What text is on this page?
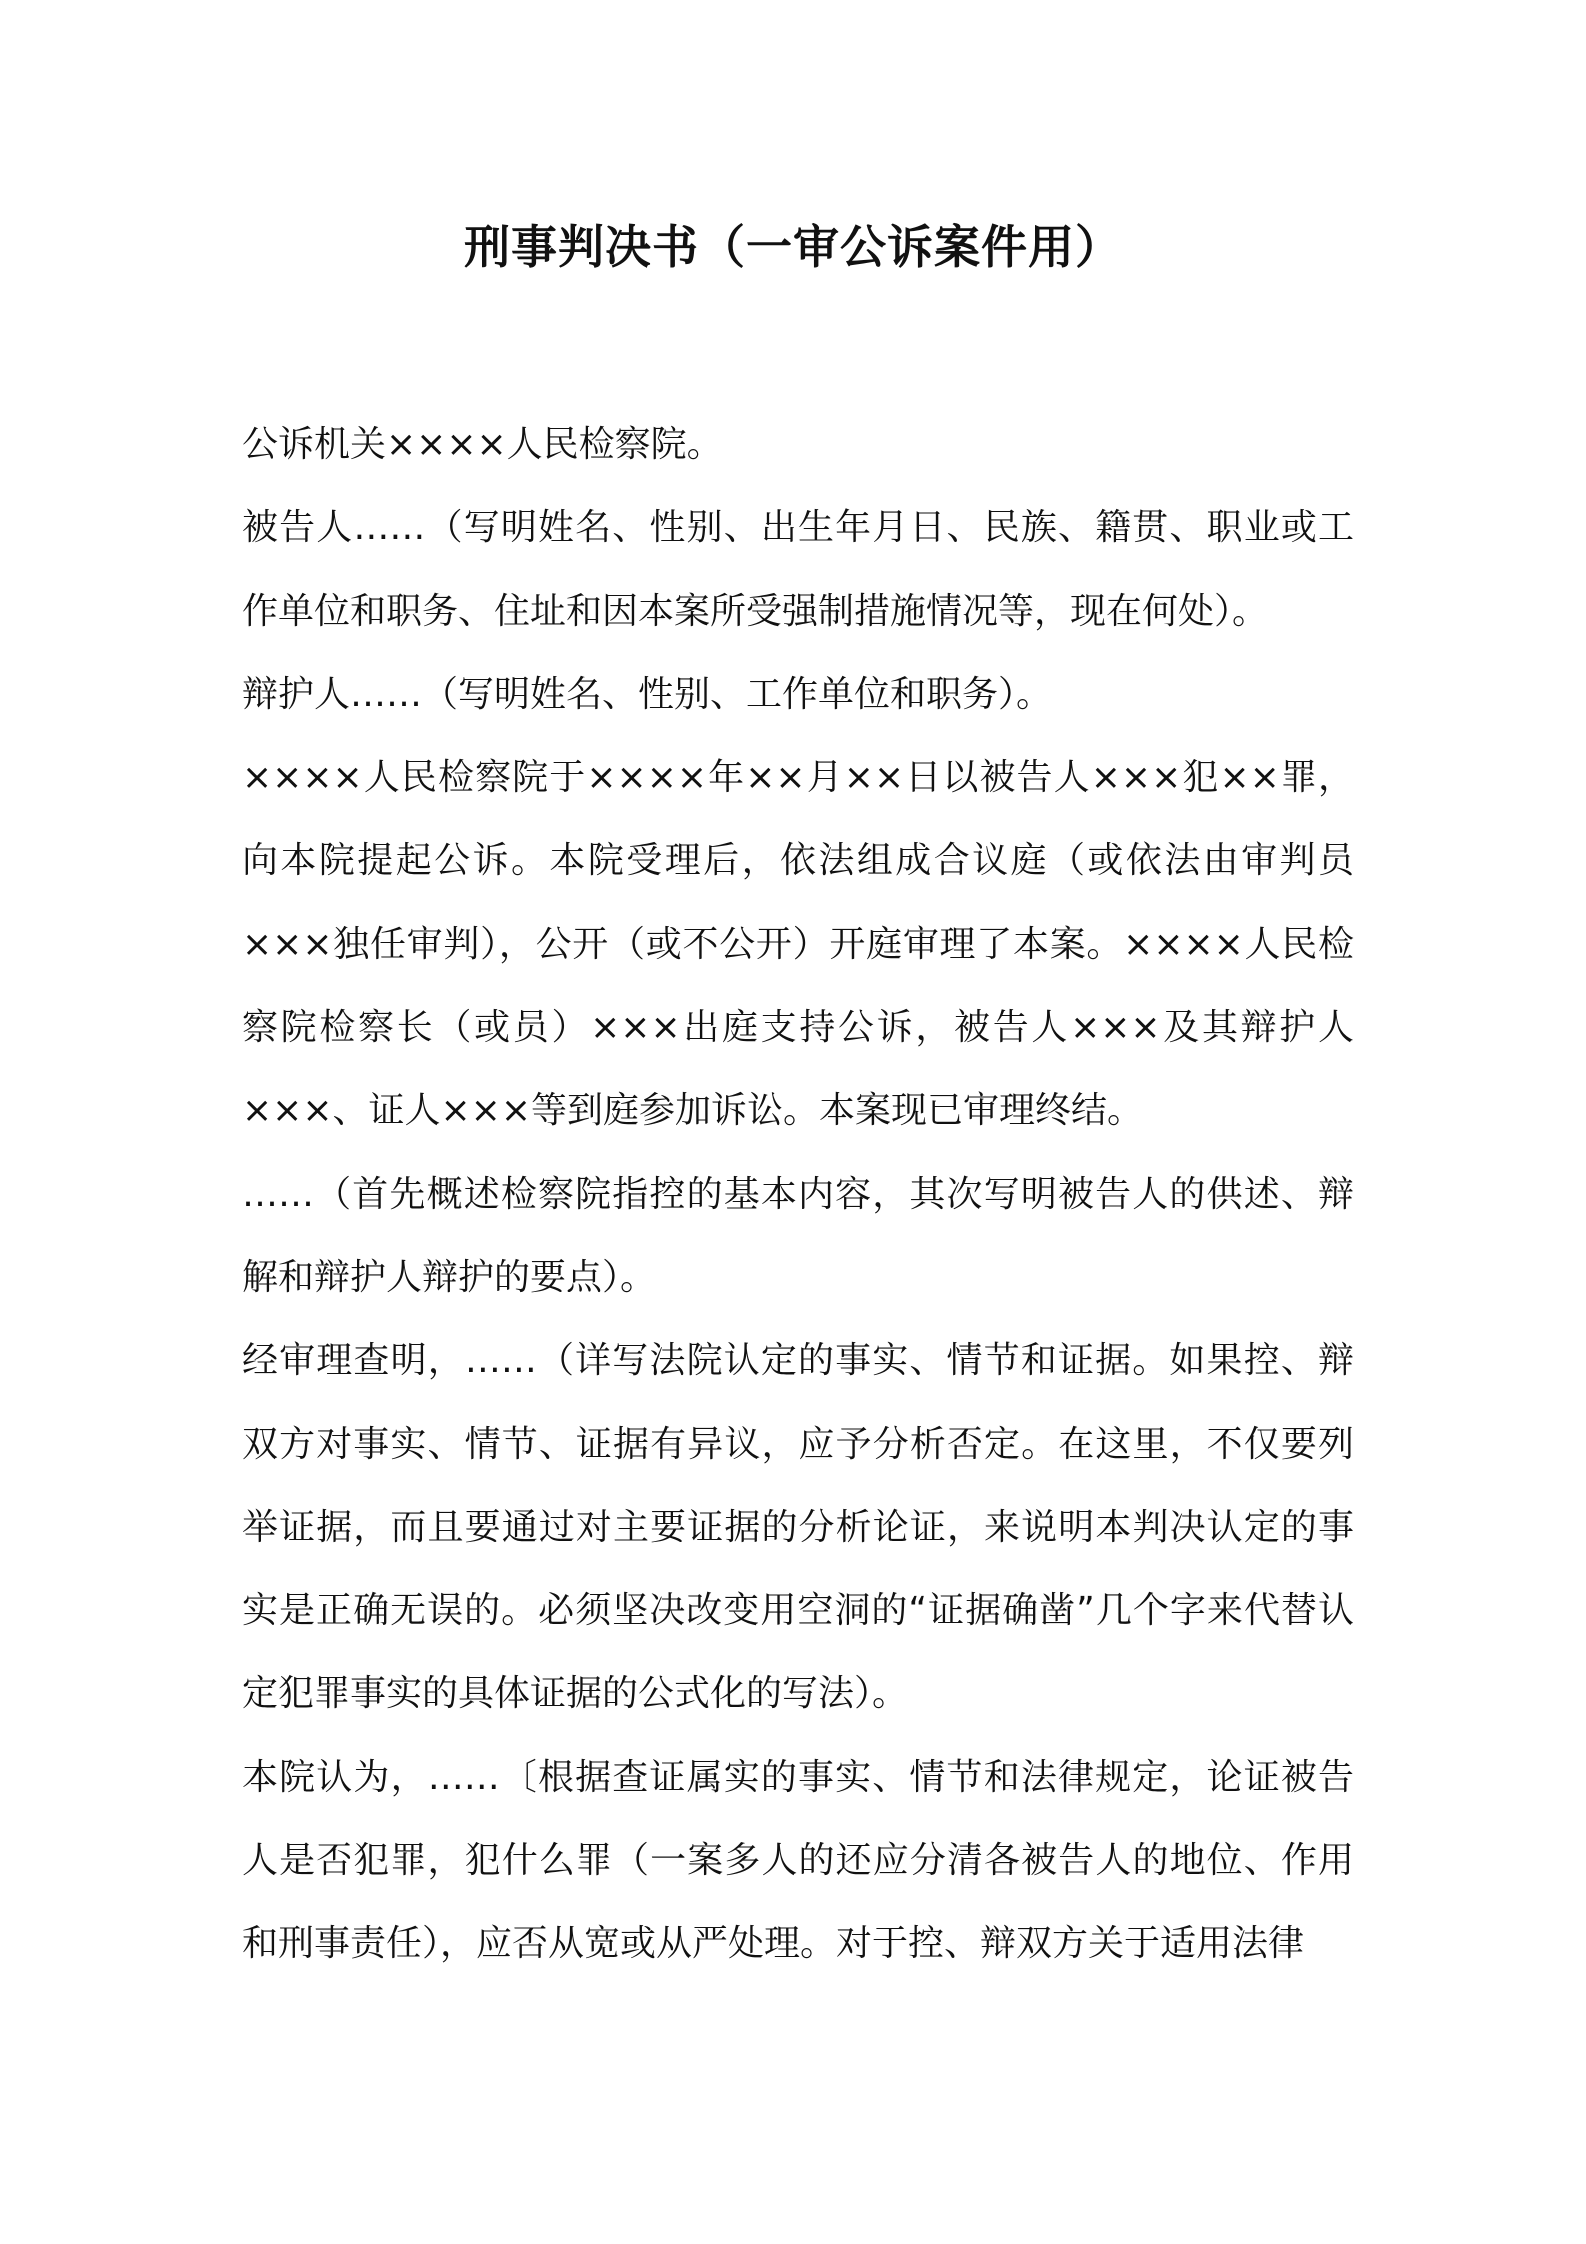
刑事判决书（一审公诉案件用）

公诉机关××××人民检察院。

被告人……（写明姓名、性别、出生年月日、民族、籍贯、职业或工作单位和职务、住址和因本案所受强制措施情况等，现在何处）。

辩护人……（写明姓名、性别、工作单位和职务）。

××××人民检察院于××××年××月××日以被告人×××犯××罪，向本院提起公诉。本院受理后，依法组成合议庭（或依法由审判员×××独任审判），公开（或不公开）开庭审理了本案。××××人民检察院检察长（或员）×××出庭支持公诉，被告人×××及其辩护人×××、证人×××等到庭参加诉讼。本案现已审理终结。

……（首先概述检察院指控的基本内容，其次写明被告人的供述、辩解和辩护人辩护的要点）。

经审理查明，……（详写法院认定的事实、情节和证据。如果控、辩双方对事实、情节、证据有异议，应予分析否定。在这里，不仅要列举证据，而且要通过对主要证据的分析论证，来说明本判决认定的事实是正确无误的。必须坚决改变用空洞的“证据确凿”几个字来代替认定犯罪事实的具体证据的公式化的写法）。

本院认为，……〔根据查证属实的事实、情节和法律规定，论证被告人是否犯罪，犯什么罪（一案多人的还应分清各被告人的地位、作用和刑事责任），应否从宽或从严处理。对于控、辩双方关于适用法律
